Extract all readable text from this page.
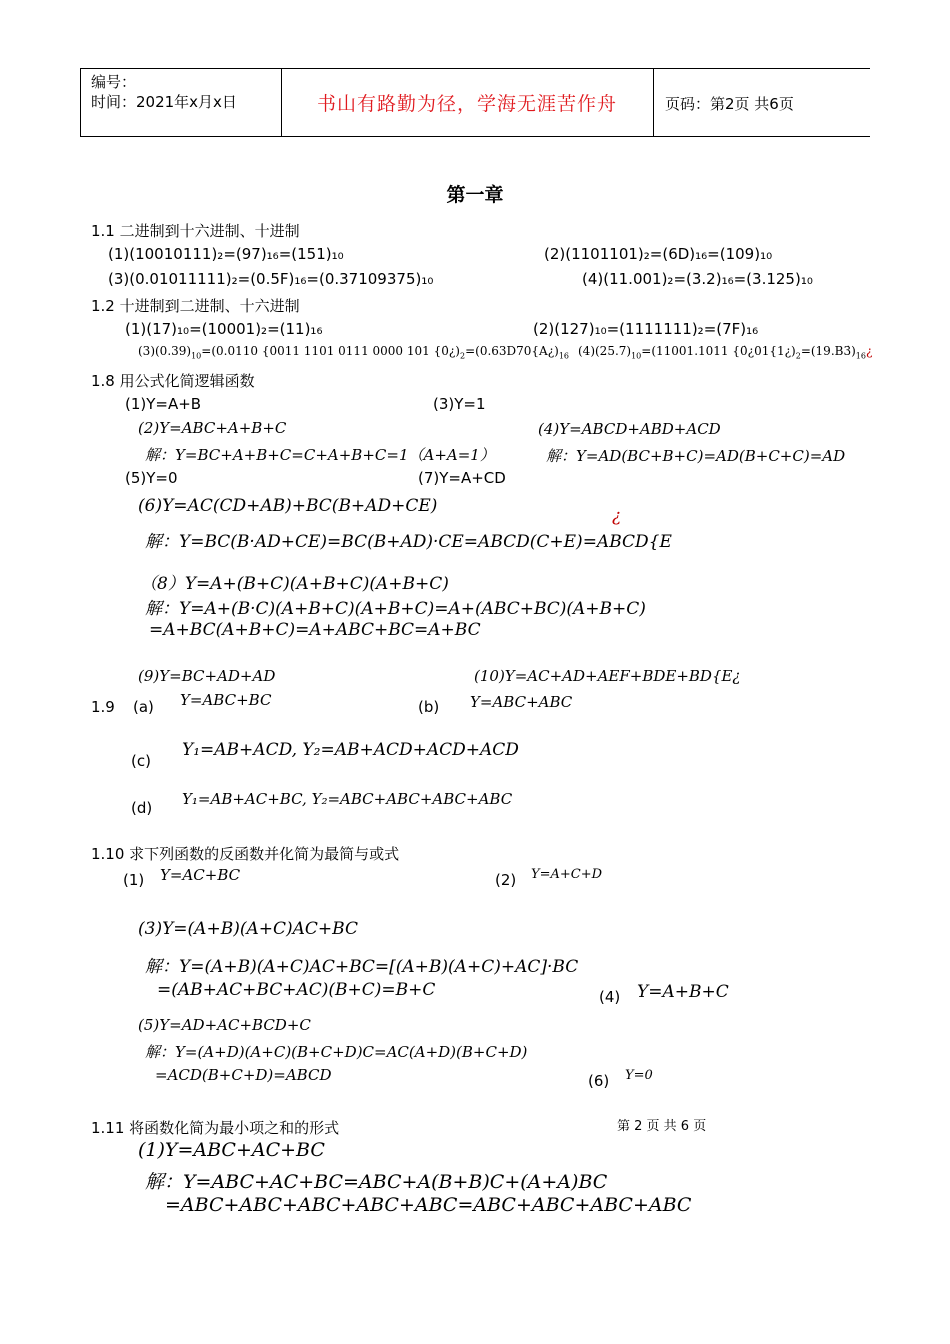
编号：
时间：2021年x月x日	书山有路勤为径，学海无涯苦作舟	页码：第2页 共6页
第一章
1.1 二进制到十六进制、十进制
(1)(10010111)₂=(97)₁₆=(151)₁₀	(2)(1101101)₂=(6D)₁₆=(109)₁₀
(3)(0.01011111)₂=(0.5F)₁₆=(0.37109375)₁₀	(4)(11.001)₂=(3.2)₁₆=(3.125)₁₀
1.2 十进制到二进制、十六进制
(1)(17)₁₀=(10001)₂=(11)₁₆	(2)(127)₁₀=(1111111)₂=(7F)₁₆
$(3)(0.39)_{10}=(0.0110$ {0̇011 1101 0111 0000 101 $\{0̇¿)_2=(0.63D70\{A¿)_{16}$ $(4)(25.7)_{10}=(11001.1011$ {$0̇¿01\{1¿)_2=(19.B3̇)_{16}¿$
1.8 用公式化简逻辑函数
(1)Y=A+B	(3)Y=1
(2)Y=ABC+A+B+C
解：Y=BC+A+B+C=C+A+B+C=1（A+A=1）
(4)Y=ABCD+ABD+ACD
解：Y=AD(BC+B+C)=AD(B+C+C)=AD
(5)Y=0	(7)Y=A+CD
(6)Y=AC(CD+AB)+BC(B+AD+CE)
解：Y=BC(B·AD+CE)=BC(B+AD)·CE=ABCD(C+E)=ABCD{E
¿
（8）Y=A+(B+C)(A+B+C)(A+B+C)
解：Y=A+(B·C)(A+B+C)(A+B+C)=A+(ABC+BC)(A+B+C)
=A+BC(A+B+C)=A+ABC+BC=A+BC
(9)Y=BC+AD+AD	(10)Y=AC+AD+AEF+BDE+BD{E¿
1.9 (a) Y=ABC+BC	(b) Y=ABC+ABC
(c)
Y₁=AB+ACD, Y₂=AB+ACD+ACD+ACD
(d) Y₁=AB+AC+BC, Y₂=ABC+ABC+ABC+ABC
1.10 求下列函数的反函数并化简为最简与或式
(1) Y=AC+BC	(2) Y=A+C+D
(3)Y=(A+B)(A+C)AC+BC
解：Y=(A+B)(A+C)AC+BC=[(A+B)(A+C)+AC]·BC
=(AB+AC+BC+AC)(B+C)=B+C	(4) Y=A+B+C
(5)Y=AD+AC+BCD+C
解：Y=(A+D)(A+C)(B+C+D)C=AC(A+D)(B+C+D)
=ACD(B+C+D)=ABCD	(6) Y=0
1.11 将函数化简为最小项之和的形式	第 2 页 共 6 页
(1)Y=ABC+AC+BC
解：Y=ABC+AC+BC=ABC+A(B+B)C+(A+A)BC
=ABC+ABC+ABC+ABC+ABC=ABC+ABC+ABC+ABC
